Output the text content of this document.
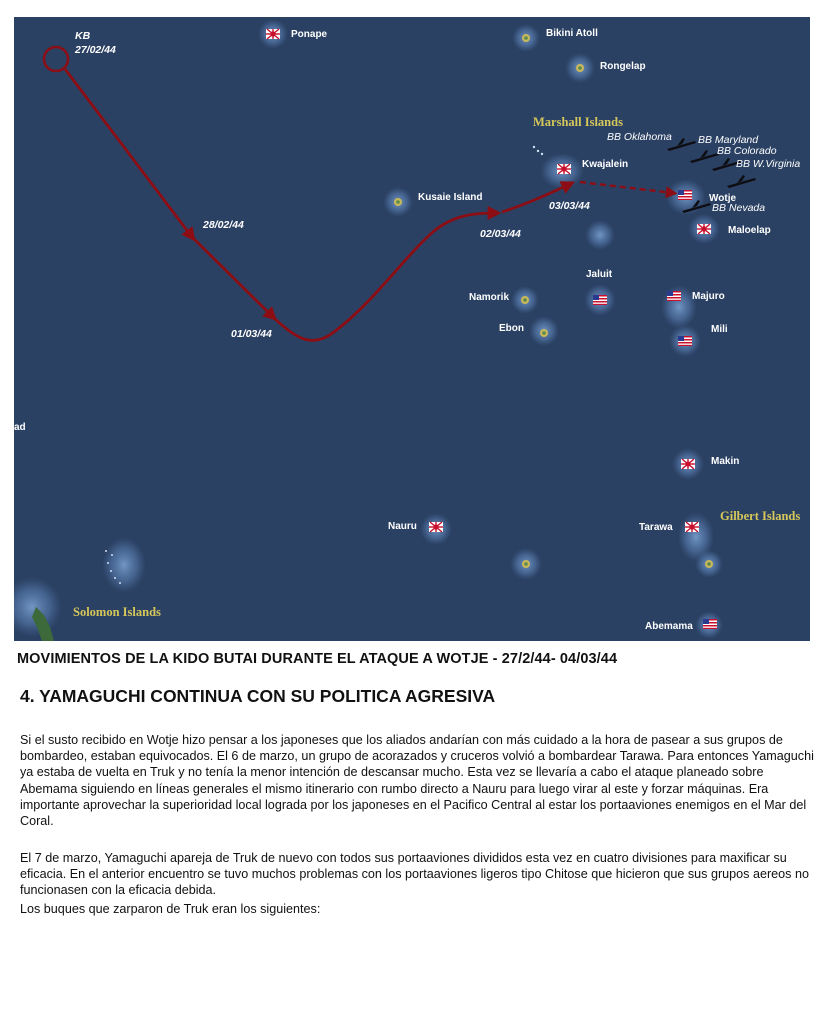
KB
27/02/44
28/02/44
01/03/44
02/03/44
03/03/44
Ponape	Bikini Atoll
Rongelap
Kwajalein
Kusaie Island	Wotje
Maloelap
Jaluit
Namorik
Ebon
Majuro
Mili
Makin
Nauru	Tarawa
Abemama
ad
Marshall Islands
Gilbert Islands
Solomon Islands
BB Oklahoma BB Maryland
BB Colorado
BB W.Virginia
BB Nevada

MOVIMIENTOS DE LA KIDO BUTAI DURANTE EL ATAQUE A WOTJE - 27/2/44- 04/03/44

4. YAMAGUCHI CONTINUA CON SU POLITICA AGRESIVA

Si el susto recibido en Wotje hizo pensar a los japoneses que los aliados andarían con más cuidado a la hora de pasear a sus grupos de bombardeo, estaban equivocados. El 6 de marzo, un grupo de acorazados y cruceros volvió a bombardear Tarawa. Para entonces Yamaguchi ya estaba de vuelta en Truk y no tenía la menor intención de descansar mucho. Esta vez se llevaría a cabo el ataque planeado sobre Abemama siguiendo en líneas generales el mismo itinerario con rumbo directo a Nauru para luego virar al este y forzar máquinas. Era importante aprovechar la superioridad local lograda por los japoneses en el Pacifico Central al estar los portaaviones enemigos en el Mar del Coral.

El 7 de marzo, Yamaguchi apareja de Truk de nuevo con todos sus portaaviones divididos esta vez en cuatro divisiones para maxificar su eficacia. En el anterior encuentro se tuvo muchos problemas con los portaaviones ligeros tipo Chitose que hicieron que sus grupos aereos no funcionasen con la eficacia debida.

Los buques que zarparon de Truk eran los siguientes:
